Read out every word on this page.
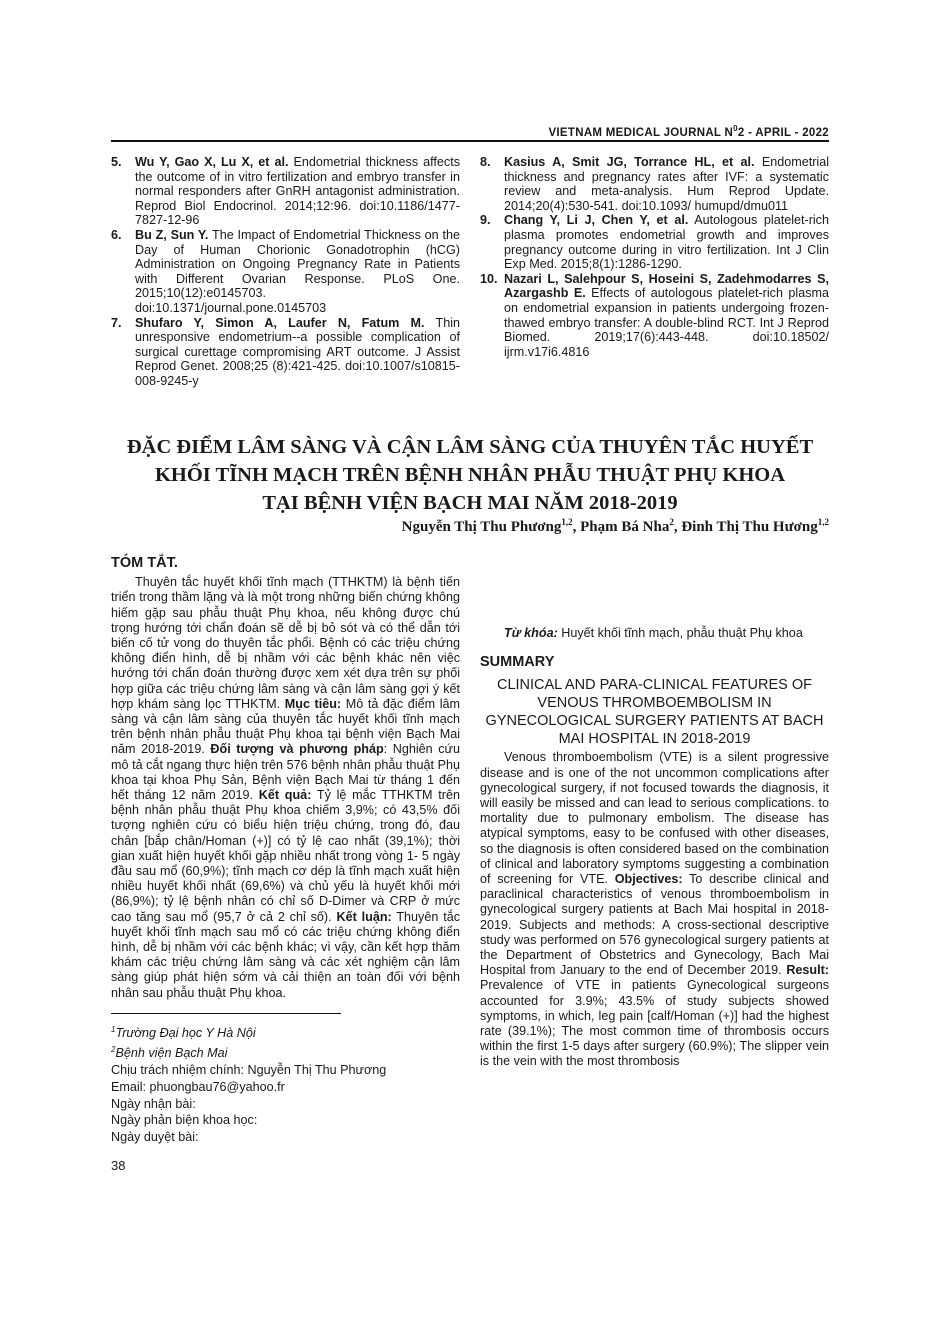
VIETNAM MEDICAL JOURNAL $N^02$ - APRIL - 2022
5. Wu Y, Gao X, Lu X, et al. Endometrial thickness affects the outcome of in vitro fertilization and embryo transfer in normal responders after GnRH antagonist administration. Reprod Biol Endocrinol. 2014;12:96. doi:10.1186/1477-7827-12-96
6. Bu Z, Sun Y. The Impact of Endometrial Thickness on the Day of Human Chorionic Gonadotrophin (hCG) Administration on Ongoing Pregnancy Rate in Patients with Different Ovarian Response. PLoS One. 2015;10(12):e0145703. doi:10.1371/journal.pone.0145703
7. Shufaro Y, Simon A, Laufer N, Fatum M. Thin unresponsive endometrium--a possible complication of surgical curettage compromising ART outcome. J Assist Reprod Genet. 2008;25 (8):421-425. doi:10.1007/s10815-008-9245-y
8. Kasius A, Smit JG, Torrance HL, et al. Endometrial thickness and pregnancy rates after IVF: a systematic review and meta-analysis. Hum Reprod Update. 2014;20(4):530-541. doi:10.1093/ humupd/dmu011
9. Chang Y, Li J, Chen Y, et al. Autologous platelet-rich plasma promotes endometrial growth and improves pregnancy outcome during in vitro fertilization. Int J Clin Exp Med. 2015;8(1):1286-1290.
10. Nazari L, Salehpour S, Hoseini S, Zadehmodarres S, Azargashb E. Effects of autologous platelet-rich plasma on endometrial expansion in patients undergoing frozen-thawed embryo transfer: A double-blind RCT. Int J Reprod Biomed. 2019;17(6):443-448. doi:10.18502/ ijrm.v17i6.4816
ĐẶC ĐIỂM LÂM SÀNG VÀ CẬN LÂM SÀNG CỦA THUYÊN TẮC HUYẾT
KHỐI TĨNH MẠCH TRÊN BỆNH NHÂN PHẪU THUẬT PHỤ KHOA
TẠI BỆNH VIỆN BẠCH MAI NĂM 2018-2019
Nguyễn Thị Thu Phương$^{1,2}$, Phạm Bá Nha$^2$, Đinh Thị Thu Hương$^{1,2}$
TÓM TẮT.

Thuyên tắc huyết khối tĩnh mạch (TTHKTM) là bệnh tiến triển trong thầm lặng và là một trong những biến chứng không hiếm gặp sau phẫu thuật Phụ khoa, nếu không được chú trọng hướng tới chẩn đoán sẽ dễ bị bỏ sót và có thể dẫn tới biến cố tử vong do thuyên tắc phổi. Bệnh có các triệu chứng không điển hình, dễ bị nhầm với các bệnh khác nên việc hướng tới chẩn đoán thường được xem xét dựa trên sự phối hợp giữa các triệu chứng lâm sàng và cận lâm sàng gợi ý kết hợp khám sàng lọc TTHKTM. Mục tiêu: Mô tả đặc điểm lâm sàng và cận lâm sàng của thuyên tắc huyết khối tĩnh mạch trên bệnh nhân phẫu thuật Phụ khoa tại bệnh viện Bạch Mai năm 2018-2019. Đối tượng và phương pháp: Nghiên cứu mô tả cắt ngang thực hiện trên 576 bệnh nhân phẫu thuật Phụ khoa tại khoa Phụ Sản, Bệnh viện Bạch Mai từ tháng 1 đến hết tháng 12 năm 2019. Kết quả: Tỷ lệ mắc TTHKTM trên bệnh nhân phẫu thuật Phụ khoa chiếm 3,9%; có 43,5% đối tượng nghiên cứu có biểu hiện triệu chứng, trong đó, đau chân [bắp chân/Homan (+)] có tỷ lệ cao nhất (39,1%); thời gian xuất hiện huyết khối gặp nhiều nhất trong vòng 1- 5 ngày đầu sau mổ (60,9%); tĩnh mạch cơ dép là tĩnh mạch xuất hiện nhiều huyết khối nhất (69,6%) và chủ yếu là huyết khối mới (86,9%); tỷ lệ bệnh nhân có chỉ số D-Dimer và CRP ở mức cao tăng sau mổ (95,7 ở cả 2 chỉ số). Kết luận: Thuyên tắc huyết khối tĩnh mạch sau mổ có các triệu chứng không điển hình, dễ bị nhầm với các bệnh khác; vì vậy, cần kết hợp thăm khám các triệu chứng lâm sàng và các xét nghiệm cận lâm sàng giúp phát hiện sớm và cải thiện an toàn đối với bệnh nhân sau phẫu thuật Phụ khoa.

Từ khóa: Huyết khối tĩnh mạch, phẫu thuật Phụ khoa

SUMMARY
CLINICAL AND PARA-CLINICAL FEATURES OF VENOUS THROMBOEMBOLISM IN GYNECOLOGICAL SURGERY PATIENTS AT BACH MAI HOSPITAL IN 2018-2019

Venous thromboembolism (VTE) is a silent progressive disease and is one of the not uncommon complications after gynecological surgery, if not focused towards the diagnosis, it will easily be missed and can lead to serious complications. to mortality due to pulmonary embolism. The disease has atypical symptoms, easy to be confused with other diseases, so the diagnosis is often considered based on the combination of clinical and laboratory symptoms suggesting a combination of screening for VTE. Objectives: To describe clinical and paraclinical characteristics of venous thromboembolism in gynecological surgery patients at Bach Mai hospital in 2018-2019. Subjects and methods: A cross-sectional descriptive study was performed on 576 gynecological surgery patients at the Department of Obstetrics and Gynecology, Bach Mai Hospital from January to the end of December 2019. Result: Prevalence of VTE in patients Gynecological surgeons accounted for 3.9%; 43.5% of study subjects showed symptoms, in which, leg pain [calf/Homan (+)] had the highest rate (39.1%); The most common time of thrombosis occurs within the first 1-5 days after surgery (60.9%); The slipper vein is the vein with the most thrombosis

$^1$Trường Đại học Y Hà Nội
$^2$Bệnh viện Bạch Mai
Chịu trách nhiệm chính: Nguyễn Thị Thu Phương
Email: phuongbau76@yahoo.fr
Ngày nhận bài:
Ngày phản biện khoa học:
Ngày duyệt bài:
38
